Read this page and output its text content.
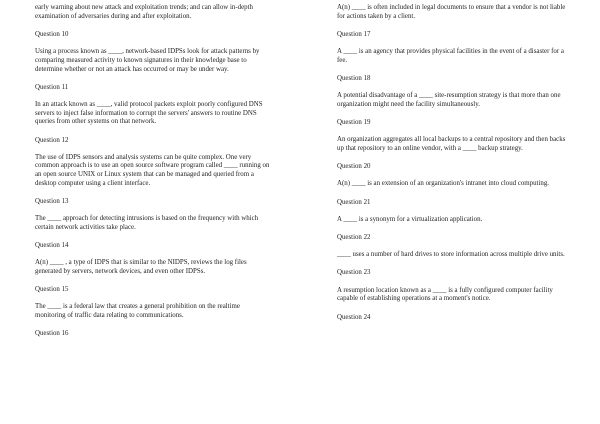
early warning about new attack and exploitation trends; and can allow in-depth examination of adversaries during and after exploitation.

Question 10

Using a process known as ____, network-based IDPSs look for attack patterns by comparing measured activity to known signatures in their knowledge base to determine whether or not an attack has occurred or may be under way.

Question 11

In an attack known as ____, valid protocol packets exploit poorly configured DNS servers to inject false information to corrupt the servers' answers to routine DNS queries from other systems on that network.

Question 12

The use of IDPS sensors and analysis systems can be quite complex. One very common approach is to use an open source software program called ____ running on an open source UNIX or Linux system that can be managed and queried from a desktop computer using a client interface.

Question 13

The ____ approach for detecting intrusions is based on the frequency with which certain network activities take place.

Question 14

A(n) ____ , a type of IDPS that is similar to the NIDPS, reviews the log files generated by servers, network devices, and even other IDPSs.

Question 15

The ____ is a federal law that creates a general prohibition on the realtime monitoring of traffic data relating to communications.

Question 16

A(n) ____ is often included in legal documents to ensure that a vendor is not liable for actions taken by a client.

Question 17

A ____ is an agency that provides physical facilities in the event of a disaster for a fee.

Question 18

A potential disadvantage of a ____ site-resumption strategy is that more than one organization might need the facility simultaneously.

Question 19

An organization aggregates all local backups to a central repository and then backs up that repository to an online vendor, with a ____ backup strategy.

Question 20

A(n) ____ is an extension of an organization's intranet into cloud computing.

Question 21

A ____ is a synonym for a virtualization application.

Question 22

____ uses a number of hard drives to store information across multiple drive units.

Question 23

A resumption location known as a ____ is a fully configured computer facility capable of establishing operations at a moment's notice.

Question 24
